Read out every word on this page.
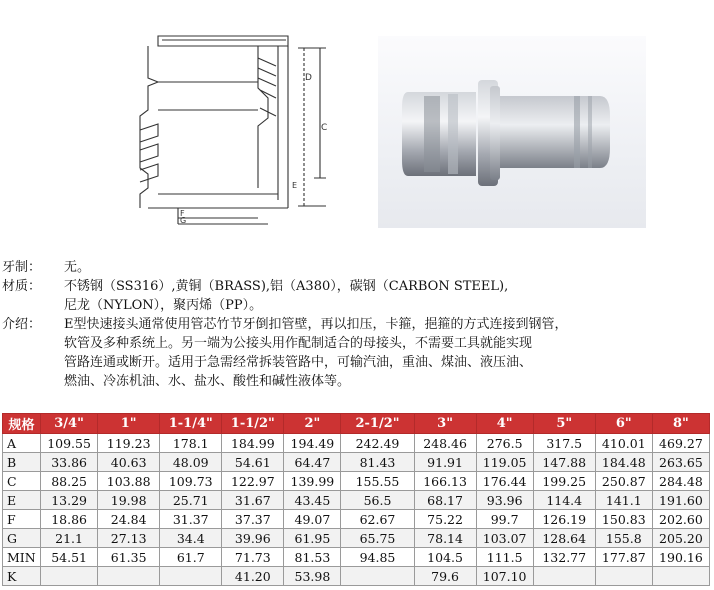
C
D
E
F
G
牙制： 无。
材质： 不锈钢（SS316）,黄铜（BRASS),铝（A380），碳钢（CARBON STEEL),
尼龙（NYLON），聚丙烯（PP）。
介绍： E型快速接头通常使用管芯竹节牙倒扣管壁，再以扣压，卡箍，挹箍的方式连接到钢管，
软管及多种系统上。另一端为公接头用作配制适合的母接头，不需要工具就能实现
管路连通或断开。适用于急需经常拆装管路中，可输汽油，重油、煤油、液压油、
燃油、冷冻机油、水、盐水、酸性和碱性液体等。
规格	3/4"	1"	1-1/4"	1-1/2"	2"	2-1/2"	3"	4"	5"	6"	8"
A	109.55	119.23	178.1	184.99	194.49	242.49	248.46	276.5	317.5	410.01	469.27
B	33.86	40.63	48.09	54.61	64.47	81.43	91.91	119.05	147.88	184.48	263.65
C	88.25	103.88	109.73	122.97	139.99	155.55	166.13	176.44	199.25	250.87	284.48
E	13.29	19.98	25.71	31.67	43.45	56.5	68.17	93.96	114.4	141.1	191.60
F	18.86	24.84	31.37	37.37	49.07	62.67	75.22	99.7	126.19	150.83	202.60
G	21.1	27.13	34.4	39.96	61.95	65.75	78.14	103.07	128.64	155.8	205.20
MIN	54.51	61.35	61.7	71.73	81.53	94.85	104.5	111.5	132.77	177.87	190.16
K				41.20	53.98		79.6	107.10			
